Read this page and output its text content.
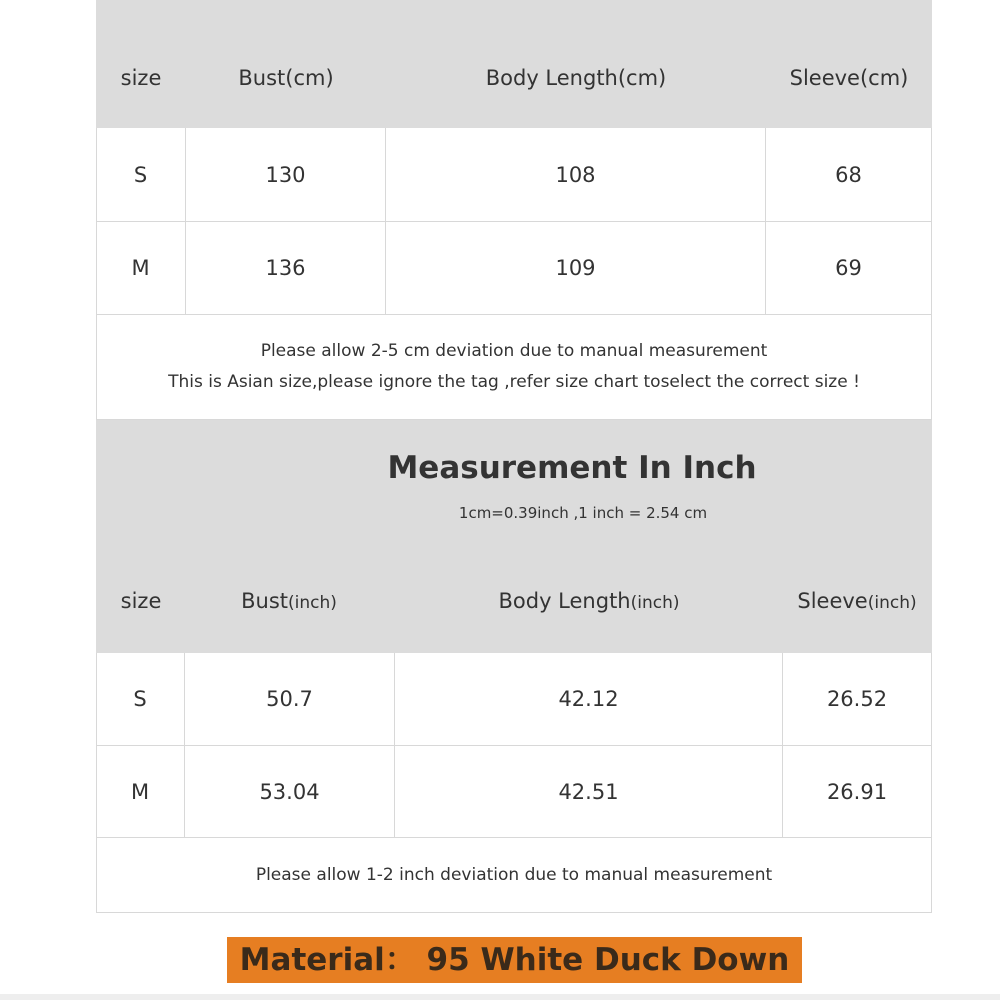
size	Bust(cm)	Body Length(cm)	Sleeve(cm)
S	130	108	68
M	136	109	69
Please allow 2-5 cm deviation due to manual measurement
This is Asian size,please ignore the tag ,refer size chart toselect the correct size !
Measurement In Inch
1cm=0.39inch ,1 inch = 2.54 cm
size	Bust(inch)	Body Length(inch)	Sleeve(inch)
S	50.7	42.12	26.52
M	53.04	42.51	26.91
Please allow 1-2 inch deviation due to manual measurement
Material： 95 White Duck Down
